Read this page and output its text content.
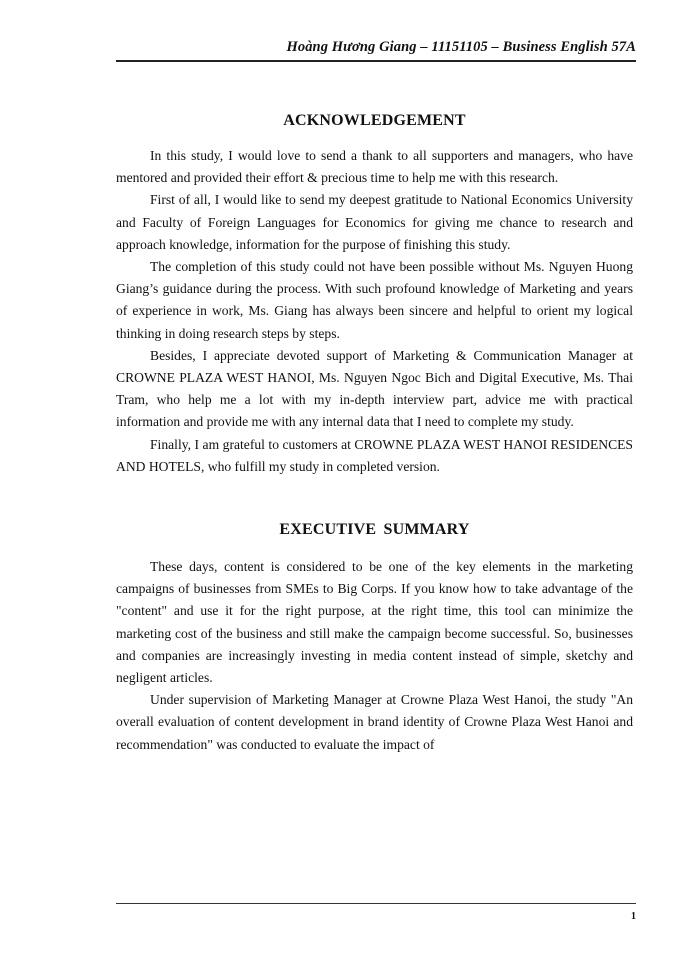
Hoàng Hương Giang – 11151105 – Business English 57A
ACKNOWLEDGEMENT

In this study, I would love to send a thank to all supporters and managers, who have mentored and provided their effort & precious time to help me with this research.

First of all, I would like to send my deepest gratitude to National Economics University and Faculty of Foreign Languages for Economics for giving me chance to research and approach knowledge, information for the purpose of finishing this study.

The completion of this study could not have been possible without Ms. Nguyen Huong Giang’s guidance during the process. With such profound knowledge of Marketing and years of experience in work, Ms. Giang has always been sincere and helpful to orient my logical thinking in doing research steps by steps.

Besides, I appreciate devoted support of Marketing & Communication Manager at CROWNE PLAZA WEST HANOI, Ms. Nguyen Ngoc Bich and Digital Executive, Ms. Thai Tram, who help me a lot with my in-depth interview part, advice me with practical information and provide me with any internal data that I need to complete my study.

Finally, I am grateful to customers at CROWNE PLAZA WEST HANOI RESIDENCES AND HOTELS, who fulfill my study in completed version.

EXECUTIVE SUMMARY

These days, content is considered to be one of the key elements in the marketing campaigns of businesses from SMEs to Big Corps. If you know how to take advantage of the "content" and use it for the right purpose, at the right time, this tool can minimize the marketing cost of the business and still make the campaign become successful. So, businesses and companies are increasingly investing in media content instead of simple, sketchy and negligent articles.

Under supervision of Marketing Manager at Crowne Plaza West Hanoi, the study "An overall evaluation of content development in brand identity of Crowne Plaza West Hanoi and recommendation" was conducted to evaluate the impact of

1
